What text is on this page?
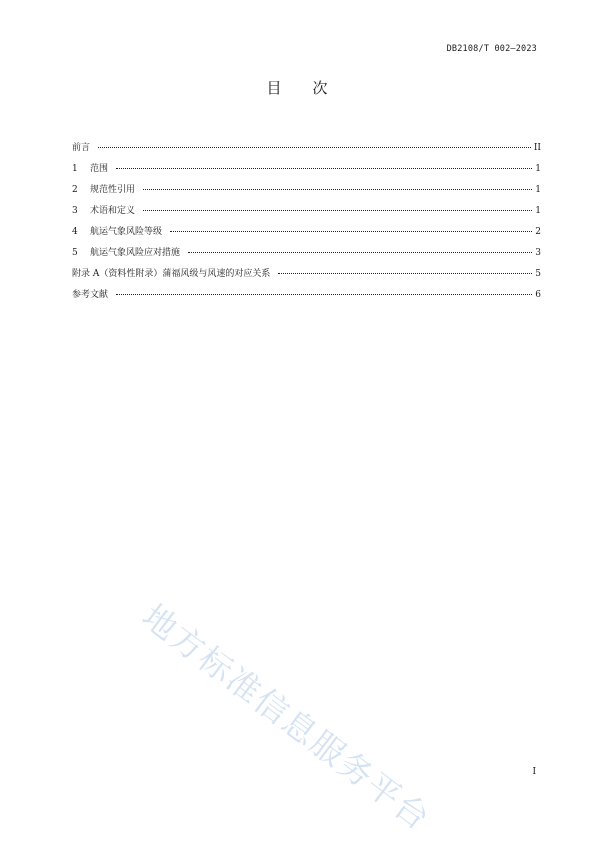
DB2108/T 002—2023
目 次
前言	II
1 范围	1
2 规范性引用	1
3 术语和定义	1
4 航运气象风险等级	2
5 航运气象风险应对措施	3
附录 A（资料性附录）蒲福风级与风速的对应关系	5
参考文献	6
地方标准信息服务平台	I
